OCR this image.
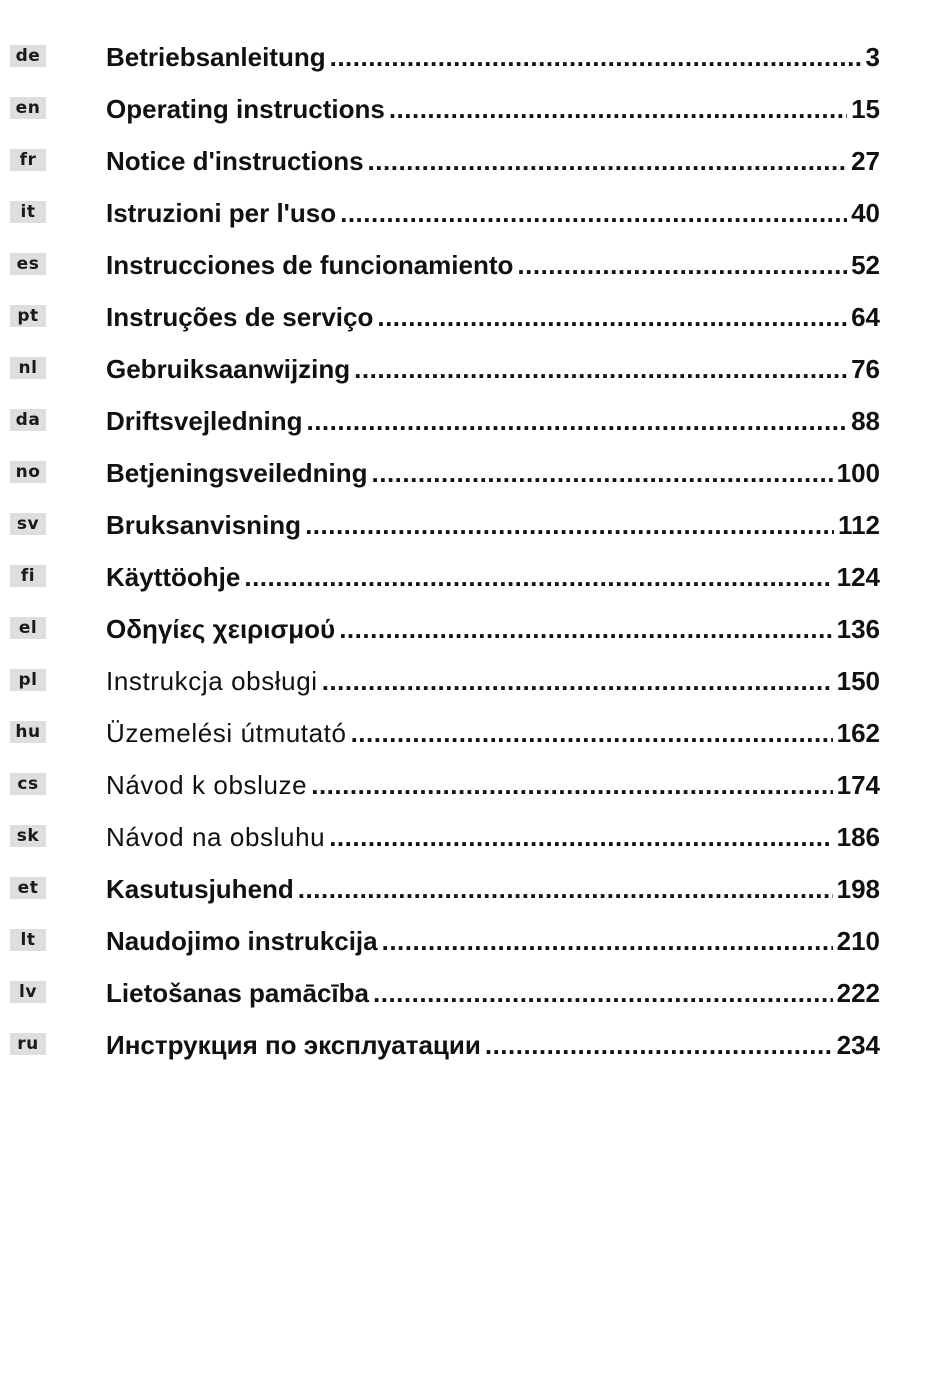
de	Betriebsanleitung .....	3
en	Operating instructions .....	15
fr	Notice d'instructions .....	27
it	Istruzioni per l'uso .....	40
es	Instrucciones de funcionamiento .....	52
pt	Instruções de serviço .....	64
nl	Gebruiksaanwijzing .....	76
da	Driftsvejledning .....	88
no	Betjeningsveiledning .....	100
sv	Bruksanvisning .....	112
fi	Käyttöohje .....	124
el	Οδηγίες χειρισμού .....	136
pl	Instrukcja obsługi .....	150
hu	Üzemelési útmutató .....	162
cs	Návod k obsluze .....	174
sk	Návod na obsluhu .....	186
et	Kasutusjuhend .....	198
lt	Naudojimo instrukcija .....	210
lv	Lietošanas pamācība .....	222
ru	Инструкция по эксплуатации .....	234
